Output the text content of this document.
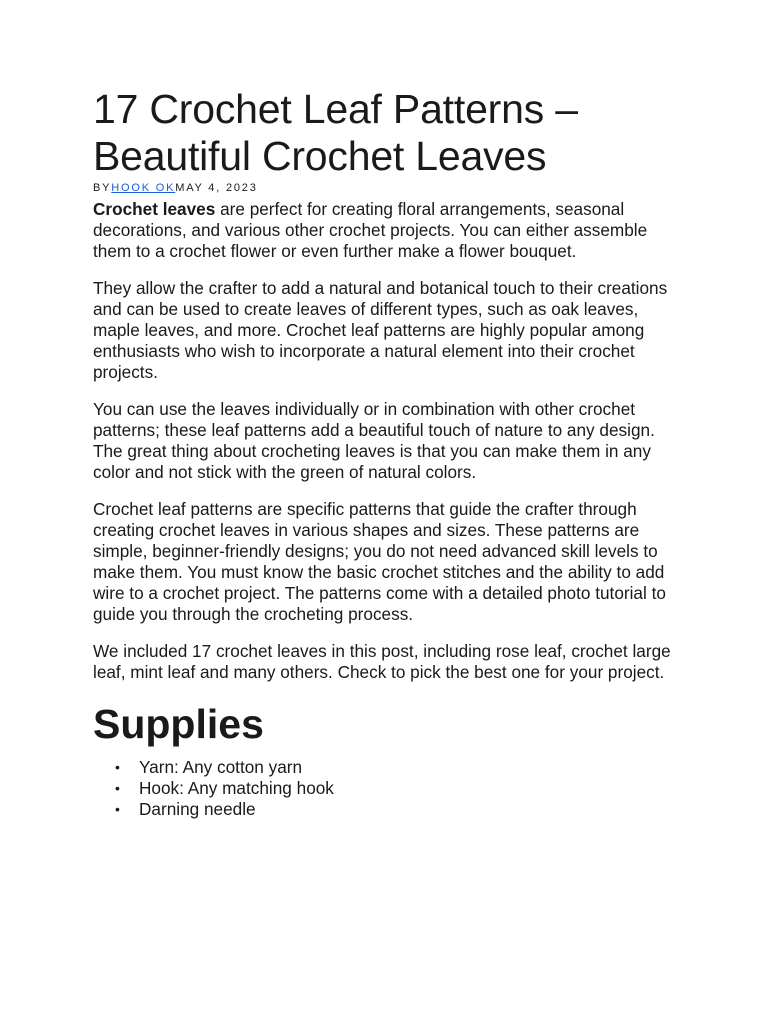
17 Crochet Leaf Patterns – Beautiful Crochet Leaves
BYHOOK OKMAY 4, 2023

Crochet leaves are perfect for creating floral arrangements, seasonal decorations, and various other crochet projects. You can either assemble them to a crochet flower or even further make a flower bouquet.

They allow the crafter to add a natural and botanical touch to their creations and can be used to create leaves of different types, such as oak leaves, maple leaves, and more. Crochet leaf patterns are highly popular among enthusiasts who wish to incorporate a natural element into their crochet projects.

You can use the leaves individually or in combination with other crochet patterns; these leaf patterns add a beautiful touch of nature to any design. The great thing about crocheting leaves is that you can make them in any color and not stick with the green of natural colors.

Crochet leaf patterns are specific patterns that guide the crafter through creating crochet leaves in various shapes and sizes. These patterns are simple, beginner-friendly designs; you do not need advanced skill levels to make them. You must know the basic crochet stitches and the ability to add wire to a crochet project. The patterns come with a detailed photo tutorial to guide you through the crocheting process.

We included 17 crochet leaves in this post, including rose leaf, crochet large leaf, mint leaf and many others. Check to pick the best one for your project.

Supplies
• Yarn: Any cotton yarn
• Hook: Any matching hook
• Darning needle
